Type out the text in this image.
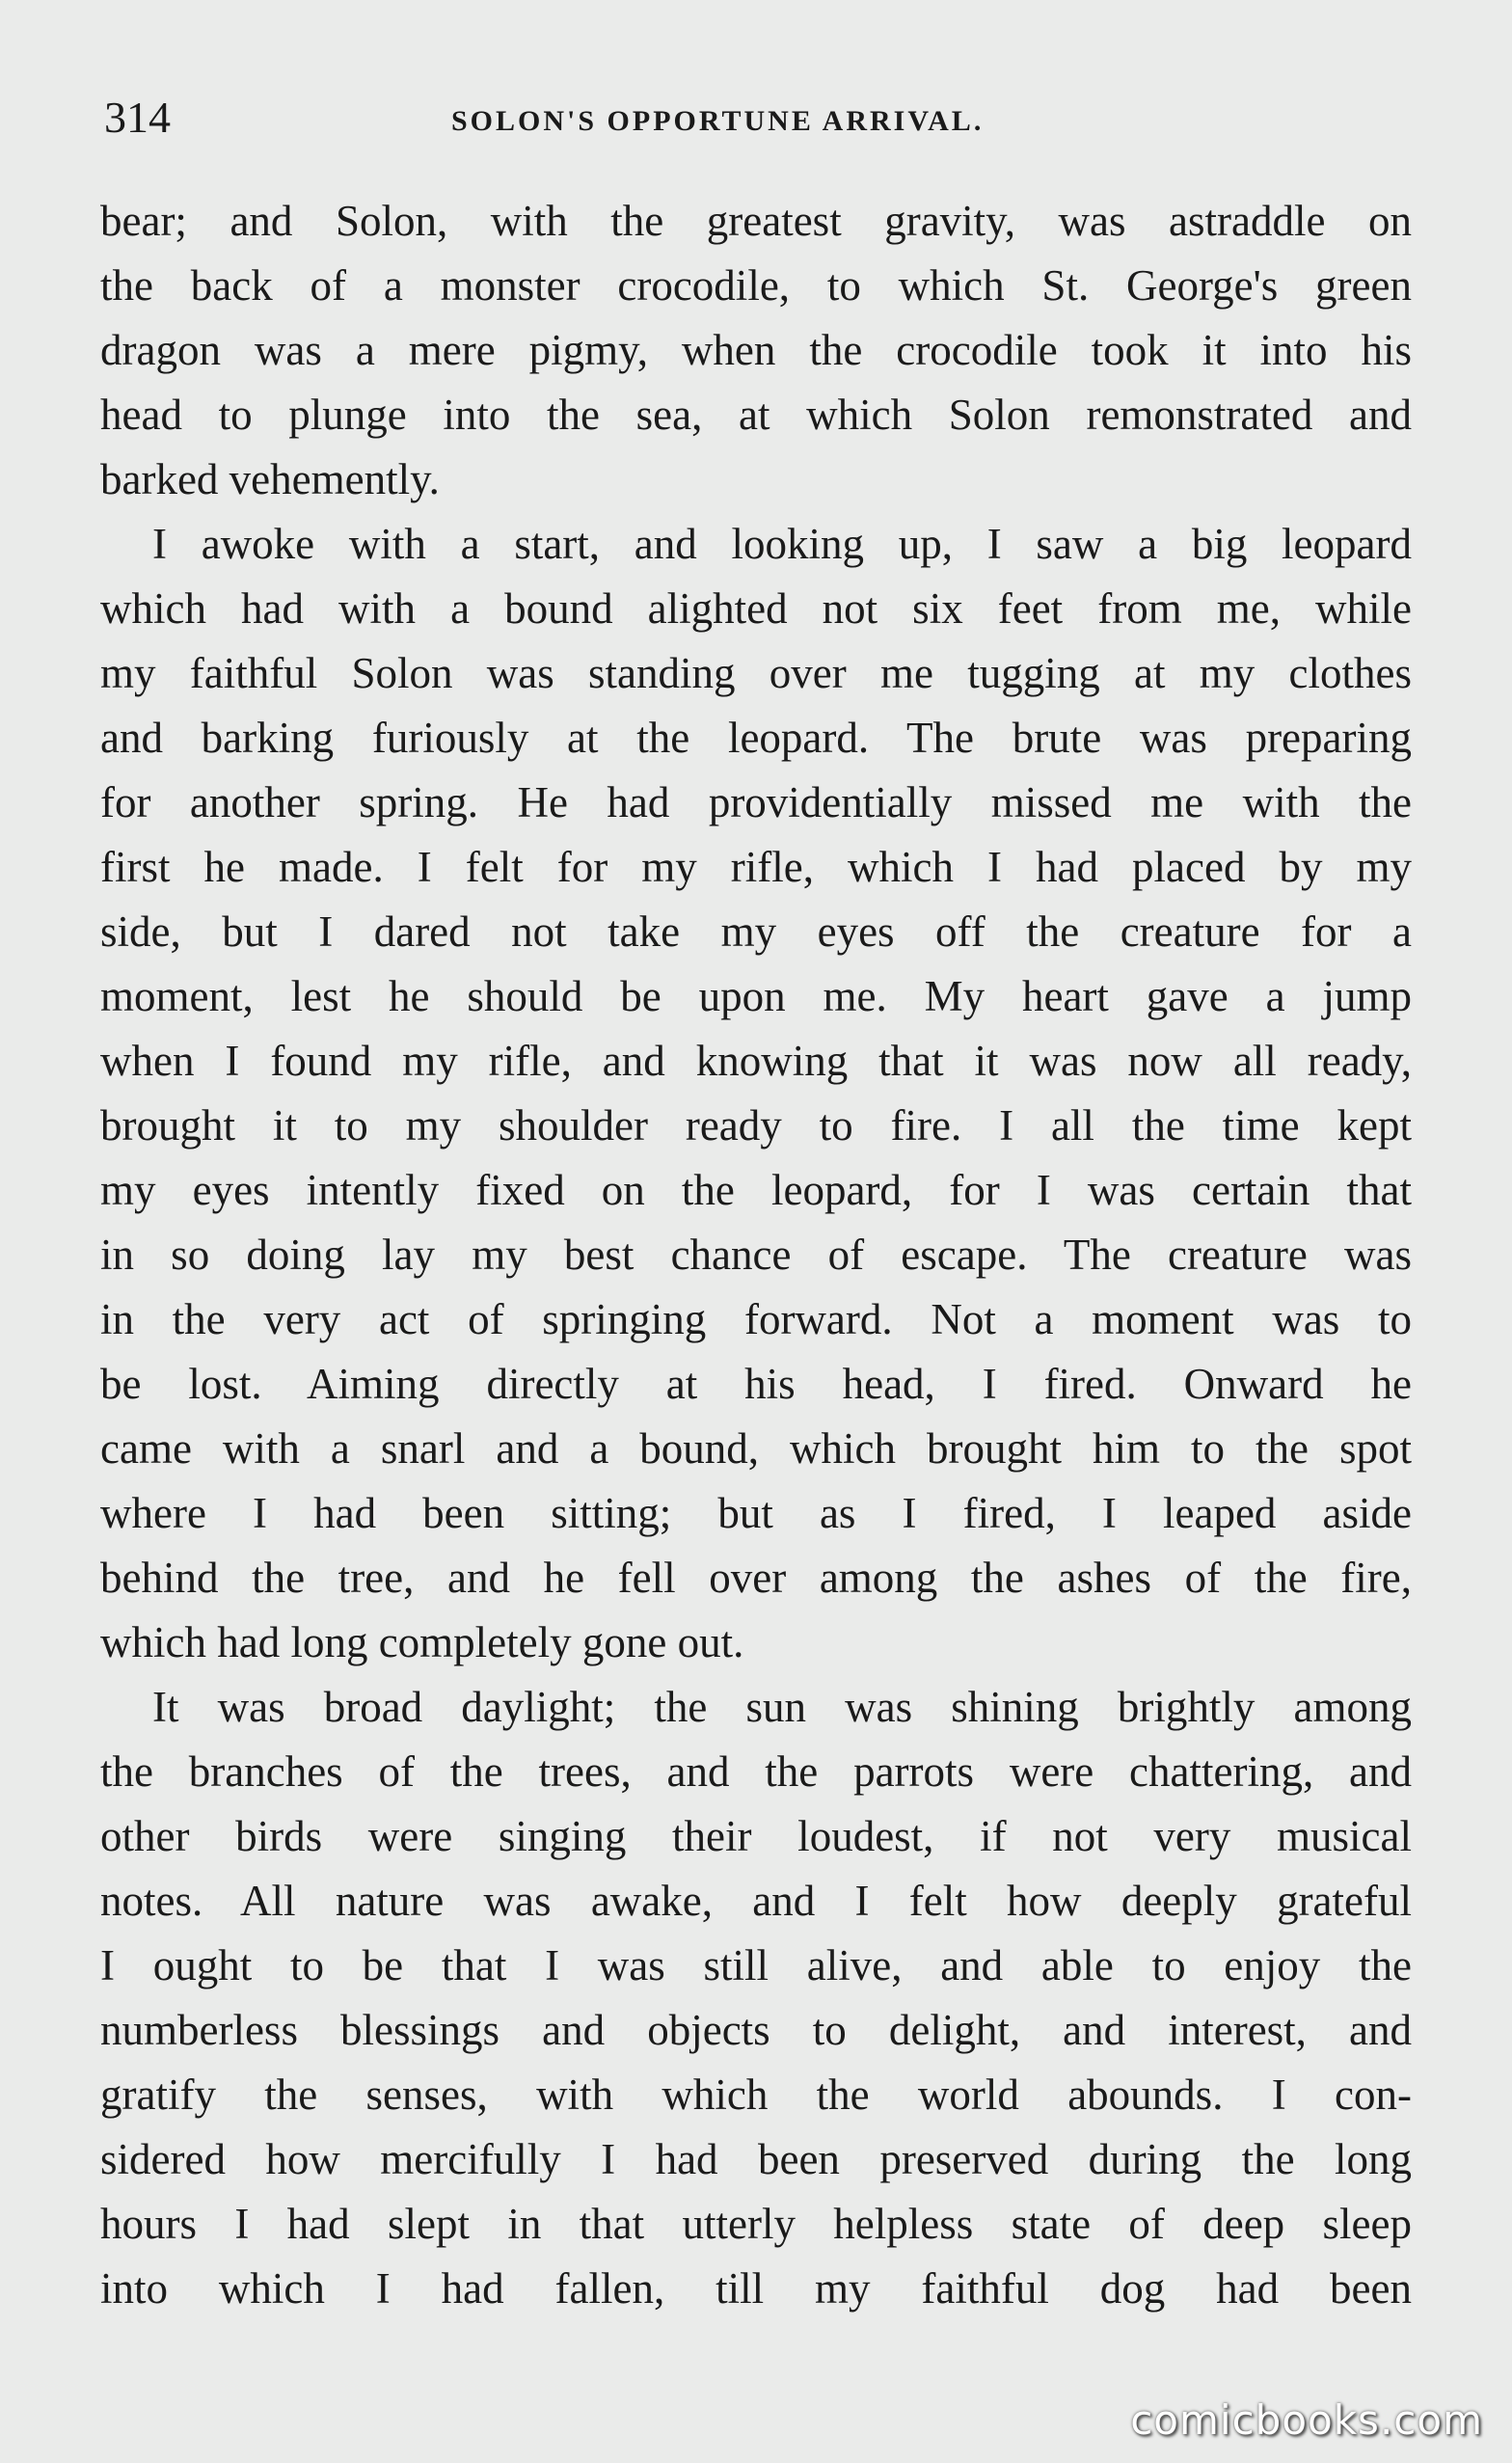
314	SOLON'S OPPORTUNE ARRIVAL.
bear; and Solon, with the greatest gravity, was astraddle on
the back of a monster crocodile, to which St. George's green
dragon was a mere pigmy, when the crocodile took it into his
head to plunge into the sea, at which Solon remonstrated and
barked vehemently.
I awoke with a start, and looking up, I saw a big leopard
which had with a bound alighted not six feet from me, while
my faithful Solon was standing over me tugging at my clothes
and barking furiously at the leopard. The brute was preparing
for another spring. He had providentially missed me with the
first he made. I felt for my rifle, which I had placed by my
side, but I dared not take my eyes off the creature for a
moment, lest he should be upon me. My heart gave a jump
when I found my rifle, and knowing that it was now all ready,
brought it to my shoulder ready to fire. I all the time kept
my eyes intently fixed on the leopard, for I was certain that
in so doing lay my best chance of escape. The creature was
in the very act of springing forward. Not a moment was to
be lost. Aiming directly at his head, I fired. Onward he
came with a snarl and a bound, which brought him to the spot
where I had been sitting; but as I fired, I leaped aside
behind the tree, and he fell over among the ashes of the fire,
which had long completely gone out.
It was broad daylight; the sun was shining brightly among
the branches of the trees, and the parrots were chattering, and
other birds were singing their loudest, if not very musical
notes. All nature was awake, and I felt how deeply grateful
I ought to be that I was still alive, and able to enjoy the
numberless blessings and objects to delight, and interest, and
gratify the senses, with which the world abounds. I con-
sidered how mercifully I had been preserved during the long
hours I had slept in that utterly helpless state of deep sleep
into which I had fallen, till my faithful dog had been
comicbooks.com
